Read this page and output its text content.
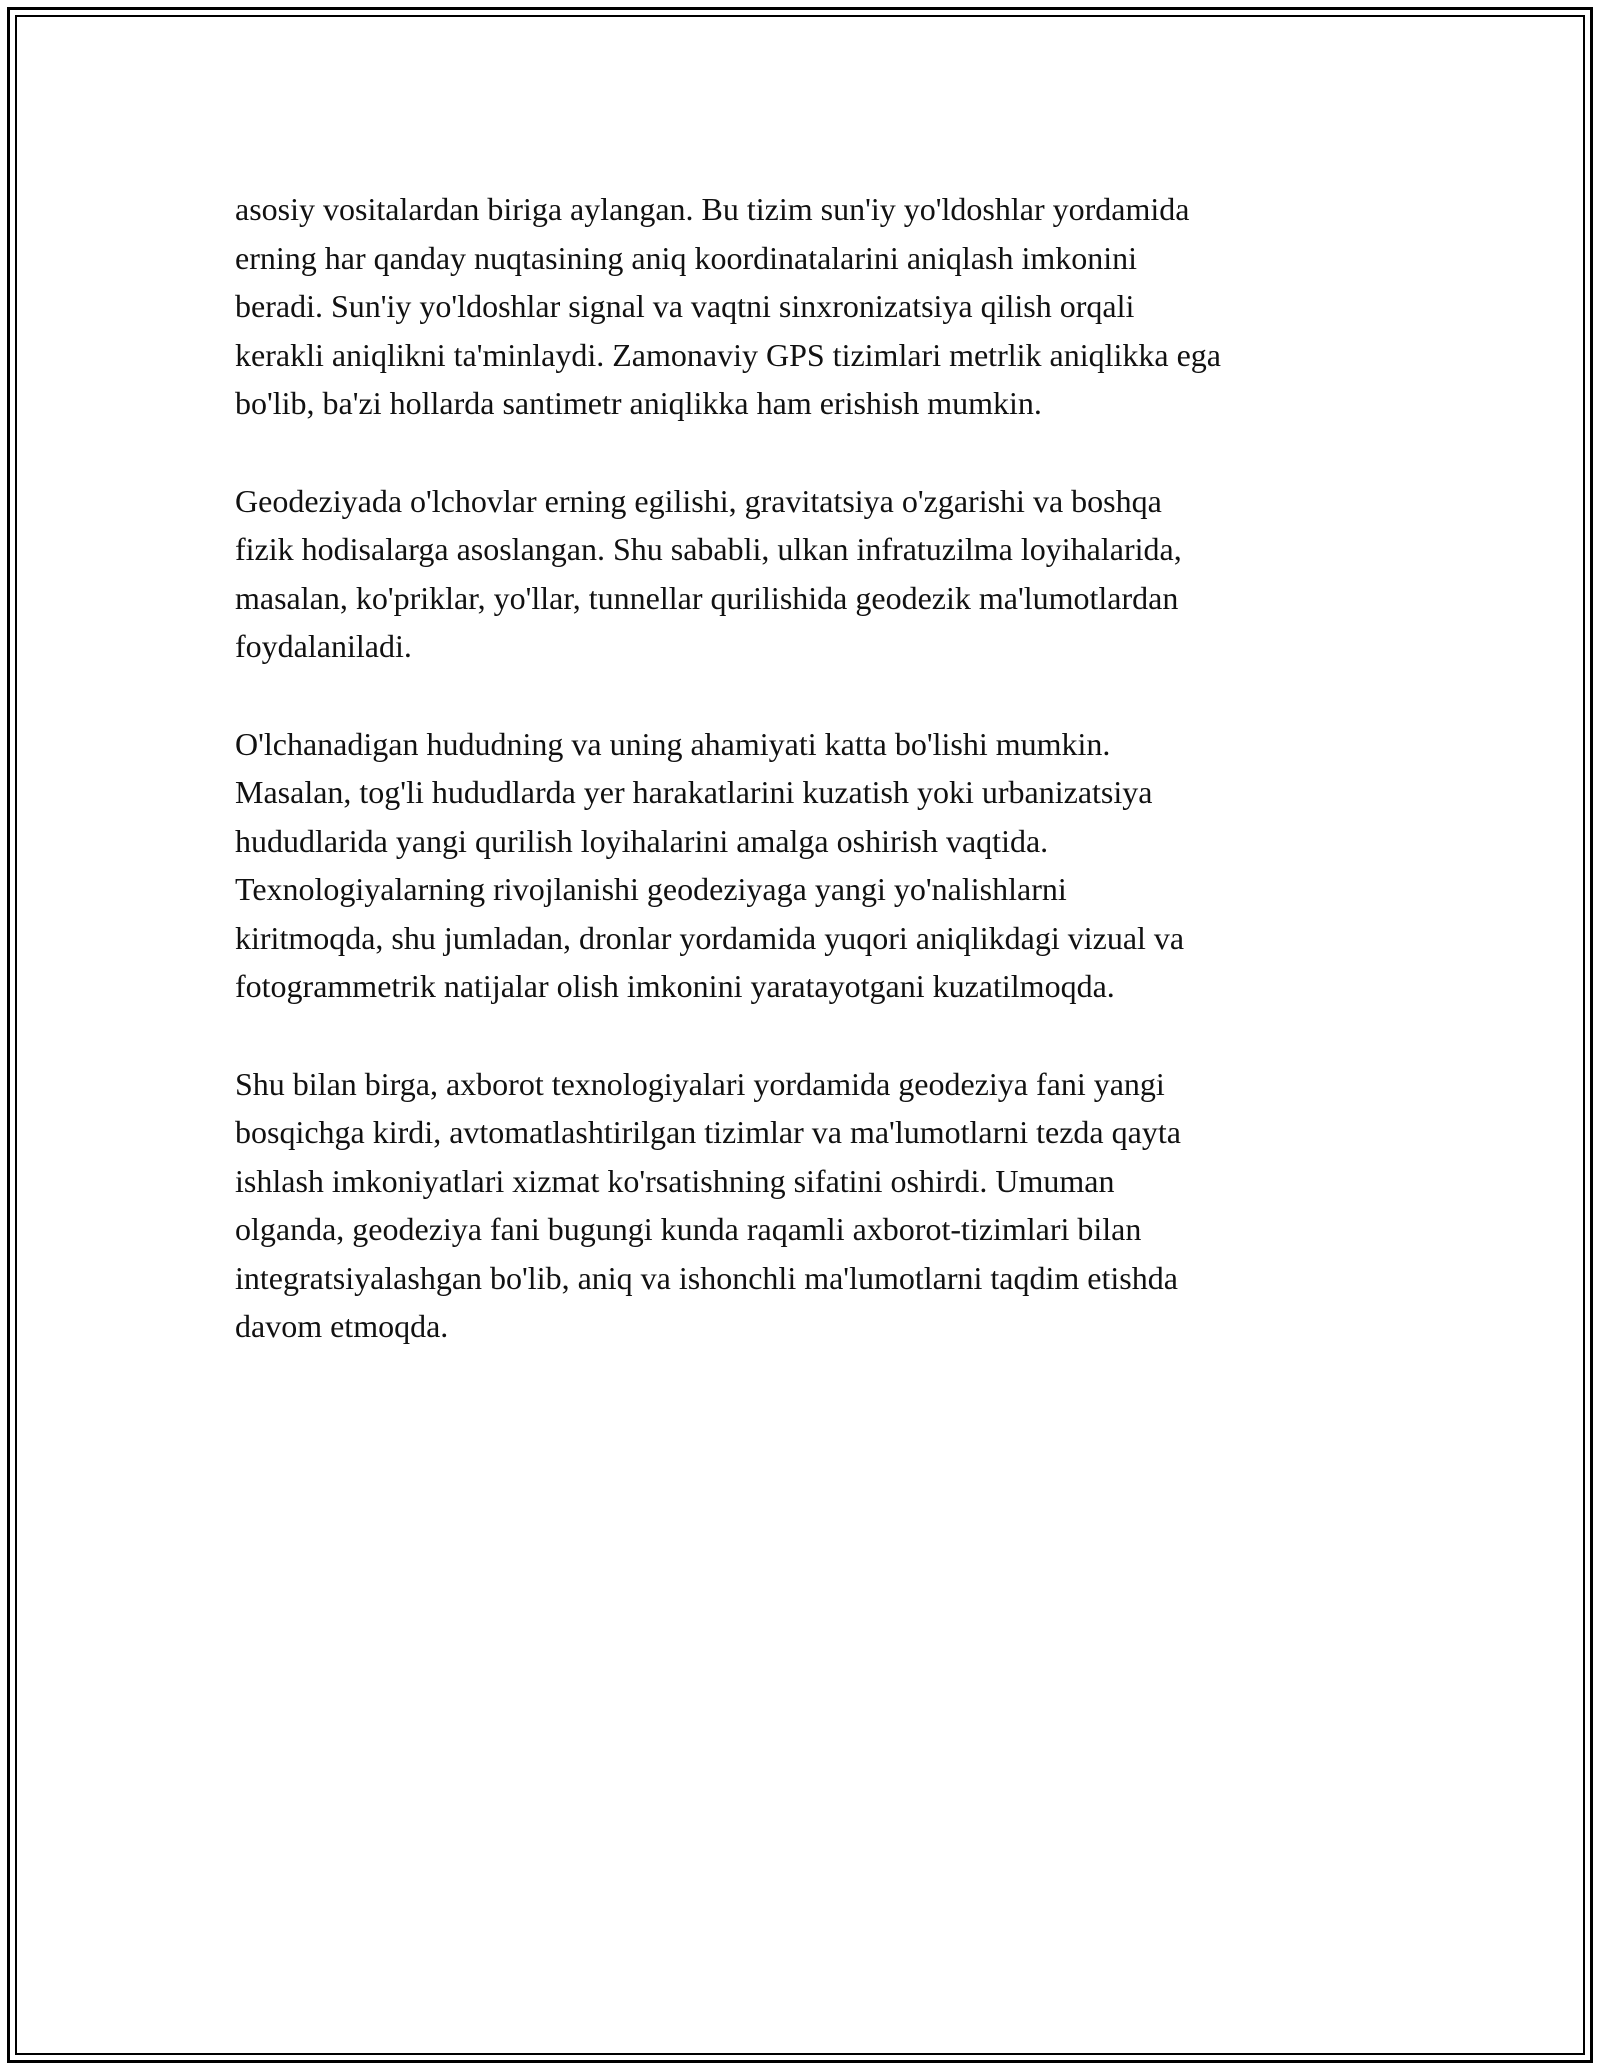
asosiy vositalardan biriga aylangan. Bu tizim sun'iy yo'ldoshlar yordamida
erning har qanday nuqtasining aniq koordinatalarini aniqlash imkonini
beradi. Sun'iy yo'ldoshlar signal va vaqtni sinxronizatsiya qilish orqali
kerakli aniqlikni ta'minlaydi. Zamonaviy GPS tizimlari metrlik aniqlikka ega
bo'lib, ba'zi hollarda santimetr aniqlikka ham erishish mumkin.

Geodeziyada o'lchovlar erning egilishi, gravitatsiya o'zgarishi va boshqa
fizik hodisalarga asoslangan. Shu sababli, ulkan infratuzilma loyihalarida,
masalan, ko'priklar, yo'llar, tunnellar qurilishida geodezik ma'lumotlardan
foydalaniladi.

O'lchanadigan hududning va uning ahamiyati katta bo'lishi mumkin.
Masalan, tog'li hududlarda yer harakatlarini kuzatish yoki urbanizatsiya
hududlarida yangi qurilish loyihalarini amalga oshirish vaqtida.
Texnologiyalarning rivojlanishi geodeziyaga yangi yo'nalishlarni
kiritmoqda, shu jumladan, dronlar yordamida yuqori aniqlikdagi vizual va
fotogrammetrik natijalar olish imkonini yaratayotgani kuzatilmoqda.

Shu bilan birga, axborot texnologiyalari yordamida geodeziya fani yangi
bosqichga kirdi, avtomatlashtirilgan tizimlar va ma'lumotlarni tezda qayta
ishlash imkoniyatlari xizmat ko'rsatishning sifatini oshirdi. Umuman
olganda, geodeziya fani bugungi kunda raqamli axborot-tizimlari bilan
integratsiyalashgan bo'lib, aniq va ishonchli ma'lumotlarni taqdim etishda
davom etmoqda.
